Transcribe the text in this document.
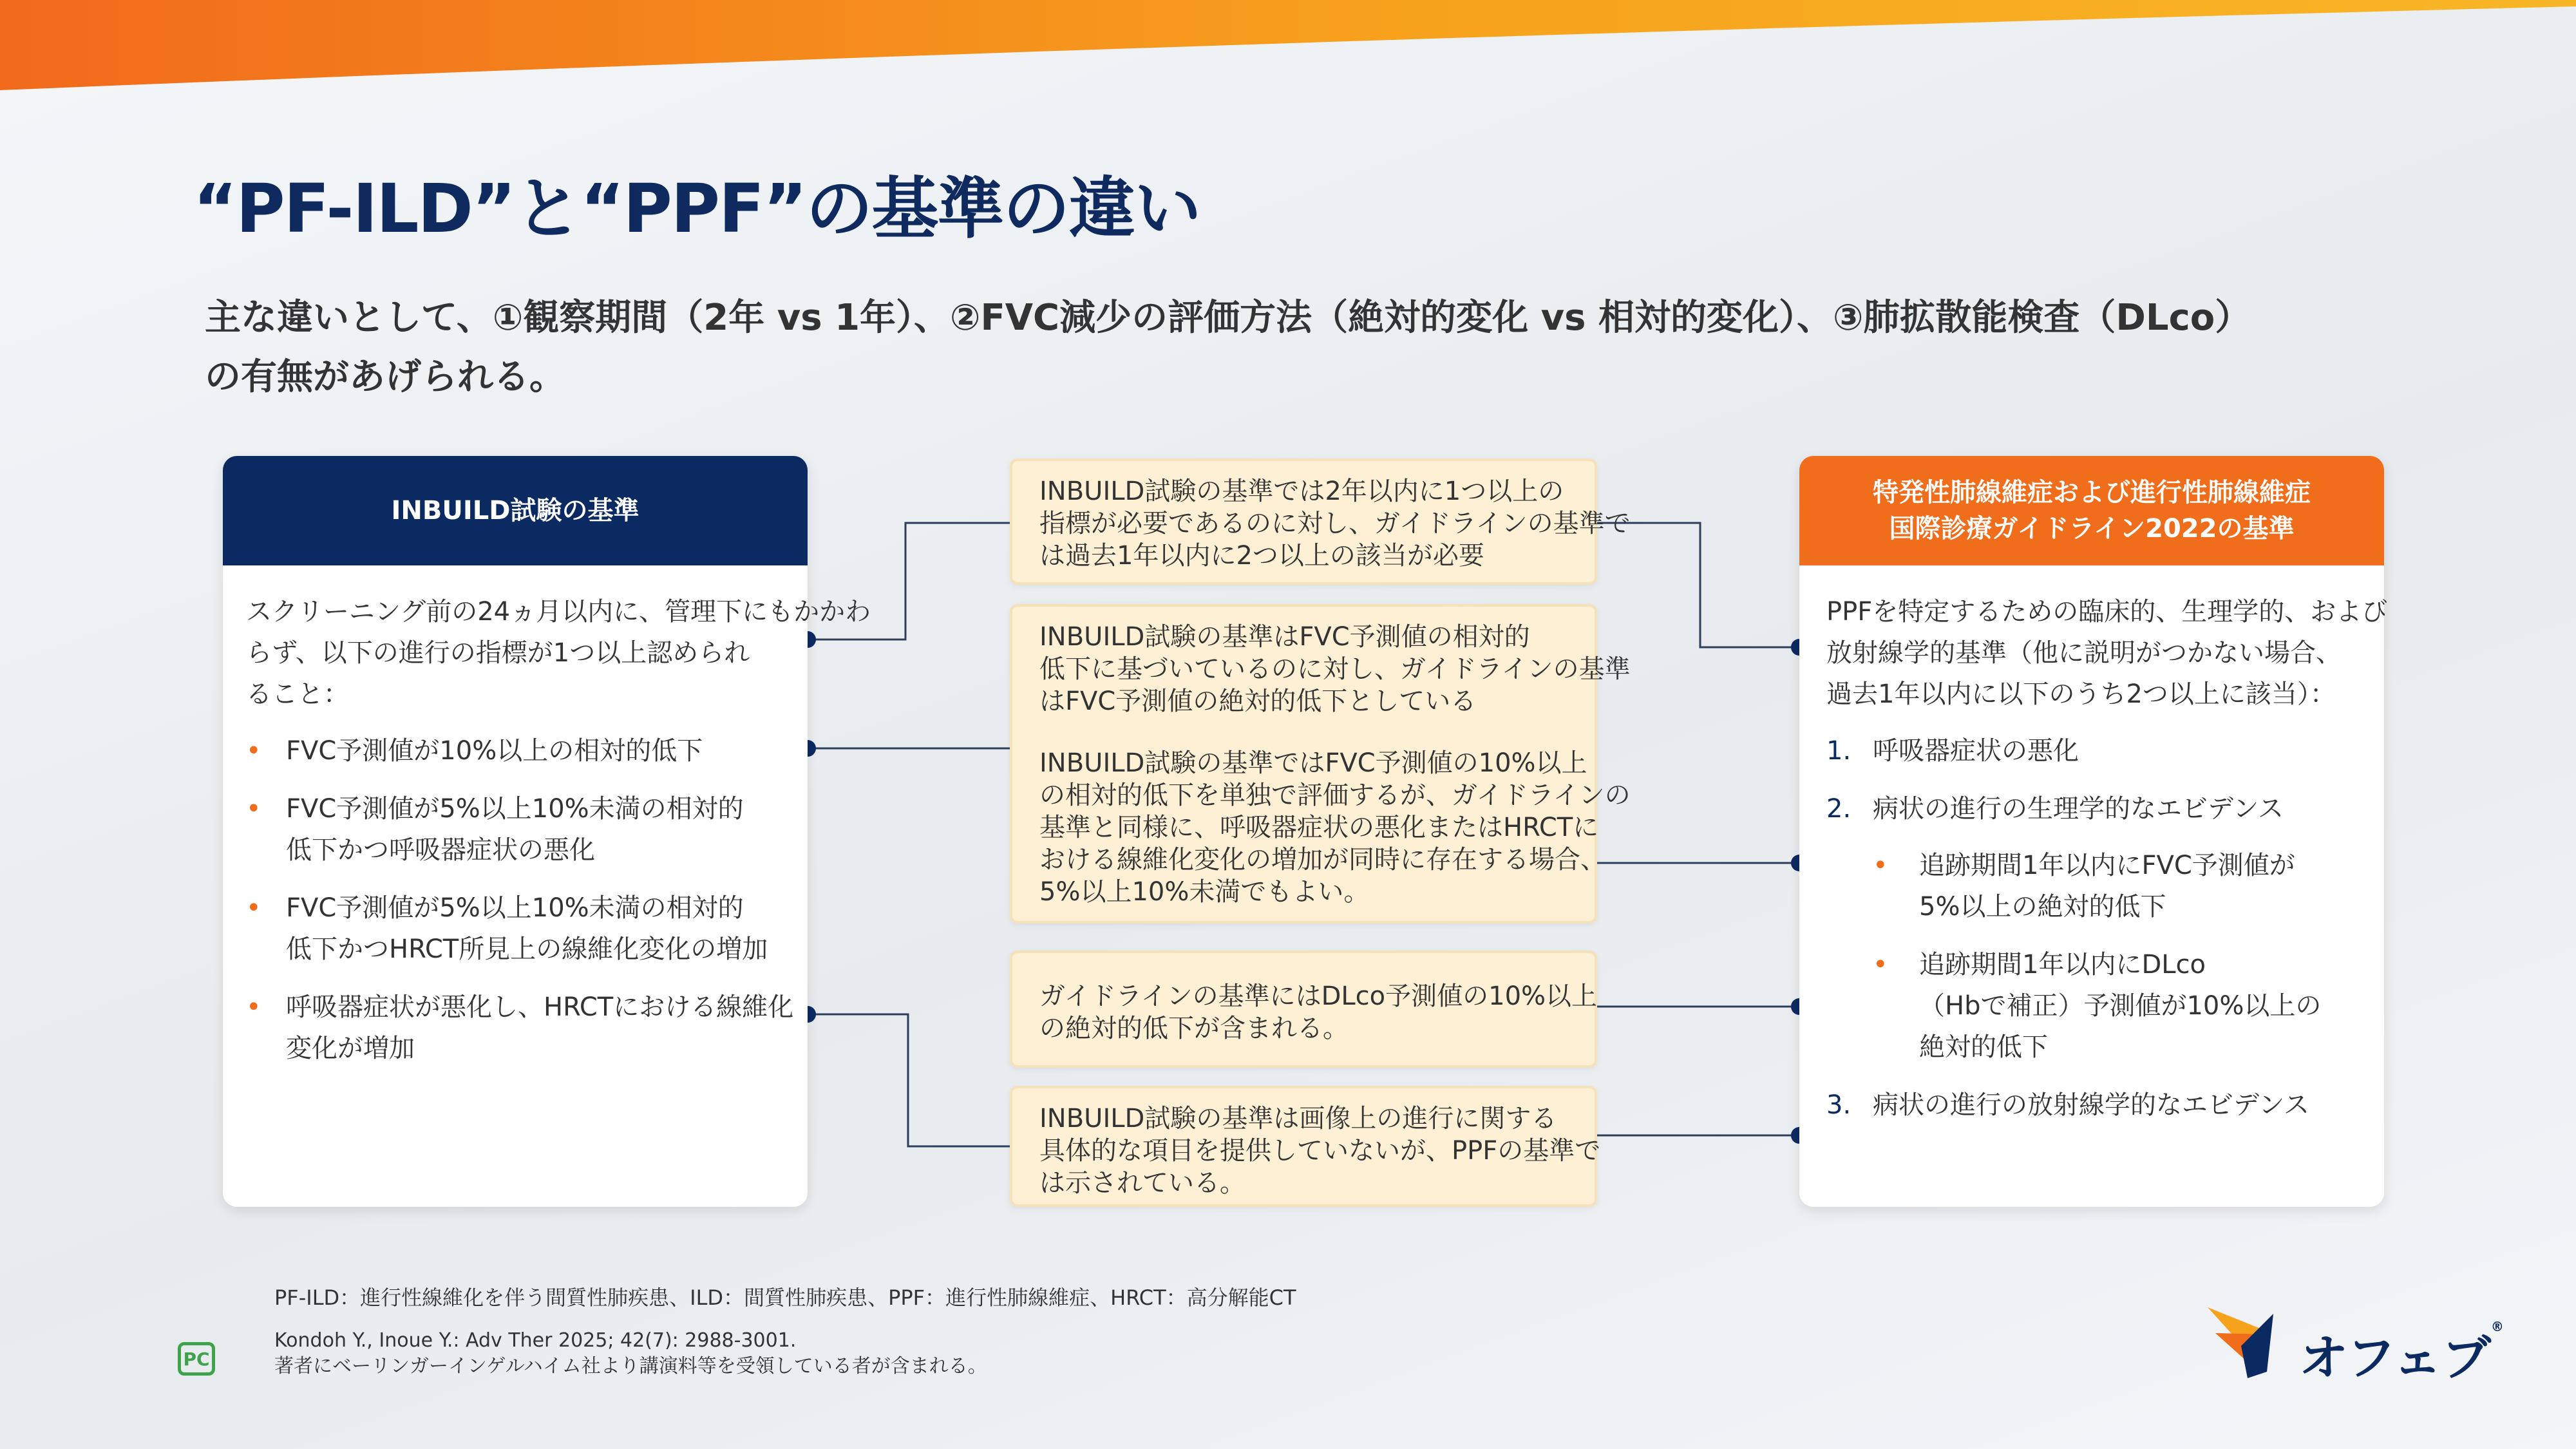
“PF-ILD”と“PPF”の基準の違い
主な違いとして、①観察期間（2年 vs 1年）、②FVC減少の評価方法（絶対的変化 vs 相対的変化）、③肺拡散能検査（DLco）
の有無があげられる。
INBUILD試験の基準
スクリーニング前の24ヵ月以内に、管理下にもかかわ
らず、以下の進行の指標が1つ以上認められ
ること：
• FVC予測値が10%以上の相対的低下
• FVC予測値が5%以上10%未満の相対的
低下かつ呼吸器症状の悪化
• FVC予測値が5%以上10%未満の相対的
低下かつHRCT所見上の線維化変化の増加
• 呼吸器症状が悪化し、HRCTにおける線維化
変化が増加
INBUILD試験の基準では2年以内に1つ以上の
指標が必要であるのに対し、ガイドラインの基準で
は過去1年以内に2つ以上の該当が必要
INBUILD試験の基準はFVC予測値の相対的
低下に基づいているのに対し、ガイドラインの基準
はFVC予測値の絶対的低下としている
INBUILD試験の基準ではFVC予測値の10%以上
の相対的低下を単独で評価するが、ガイドラインの
基準と同様に、呼吸器症状の悪化またはHRCTに
おける線維化変化の増加が同時に存在する場合、
5%以上10%未満でもよい。
ガイドラインの基準にはDLco予測値の10%以上
の絶対的低下が含まれる。
INBUILD試験の基準は画像上の進行に関する
具体的な項目を提供していないが、PPFの基準で
は示されている。
特発性肺線維症および進行性肺線維症
国際診療ガイドライン2022の基準
PPFを特定するための臨床的、生理学的、および
放射線学的基準（他に説明がつかない場合、
過去1年以内に以下のうち2つ以上に該当）：
1. 呼吸器症状の悪化
2. 病状の進行の生理学的なエビデンス
• 追跡期間1年以内にFVC予測値が
5%以上の絶対的低下
• 追跡期間1年以内にDLco
（Hbで補正）予測値が10%以上の
絶対的低下
3. 病状の進行の放射線学的なエビデンス
PF-ILD：進行性線維化を伴う間質性肺疾患、ILD：間質性肺疾患、PPF：進行性肺線維症、HRCT：高分解能CT
Kondoh Y., Inoue Y.: Adv Ther 2025; 42(7): 2988-3001.
著者にベーリンガーインゲルハイム社より講演料等を受領している者が含まれる。
PC	オフェブ®
